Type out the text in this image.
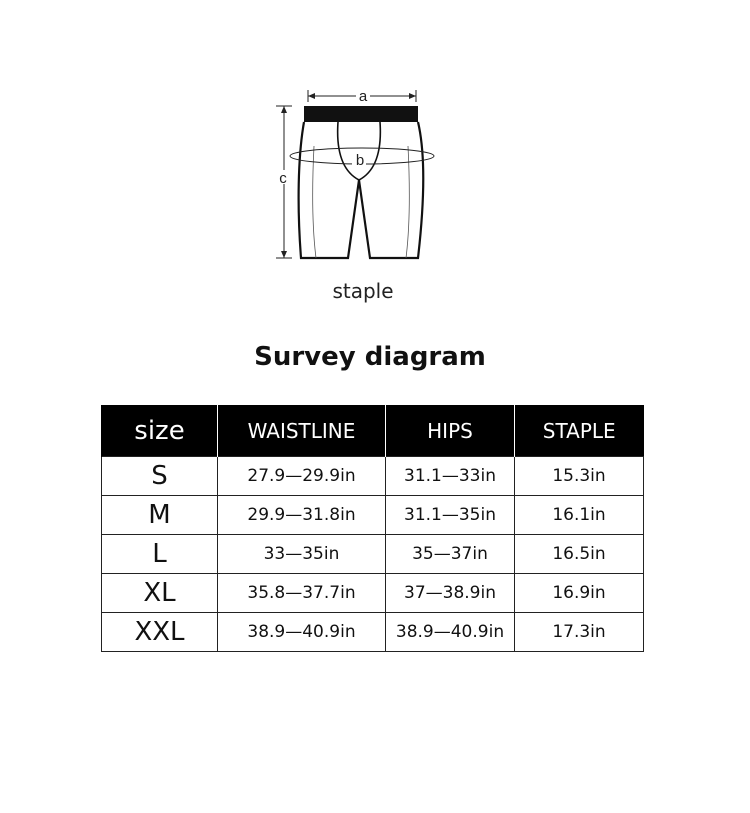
a
b
c
staple
Survey diagram
size	WAISTLINE	HIPS	STAPLE
S	27.9—29.9in	31.1—33in	15.3in
M	29.9—31.8in	31.1—35in	16.1in
L	33—35in	35—37in	16.5in
XL	35.8—37.7in	37—38.9in	16.9in
XXL	38.9—40.9in	38.9—40.9in	17.3in
